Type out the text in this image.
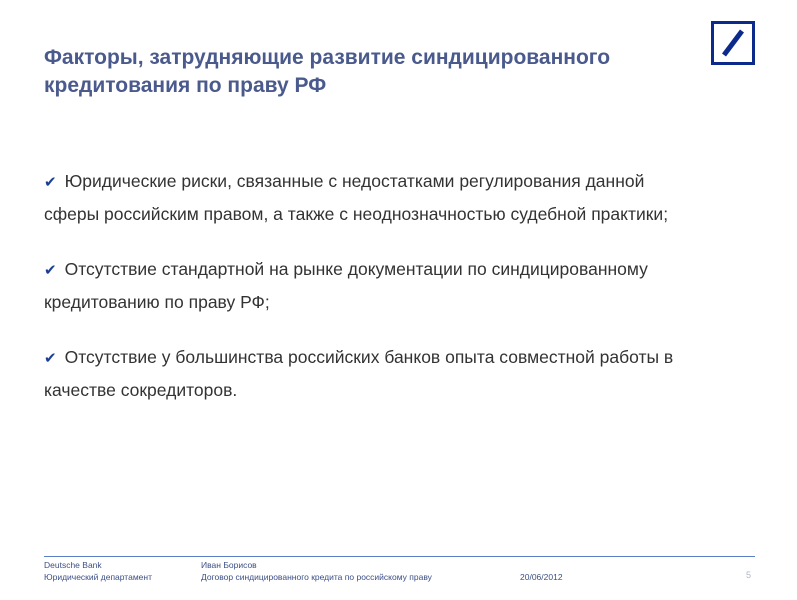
Факторы, затрудняющие развитие синдицированного кредитования по праву РФ
✔ Юридические риски, связанные с недостатками регулирования данной сферы российским правом, а также с неоднозначностью судебной практики;
✔ Отсутствие стандартной на рынке документации по синдицированному кредитованию по праву РФ;
✔ Отсутствие у большинства российских банков опыта совместной работы в качестве сокредиторов.
Deutsche Bank
Юридический департамент
Иван Борисов
Договор синдицированного кредита по российскому праву	20/06/2012	5
